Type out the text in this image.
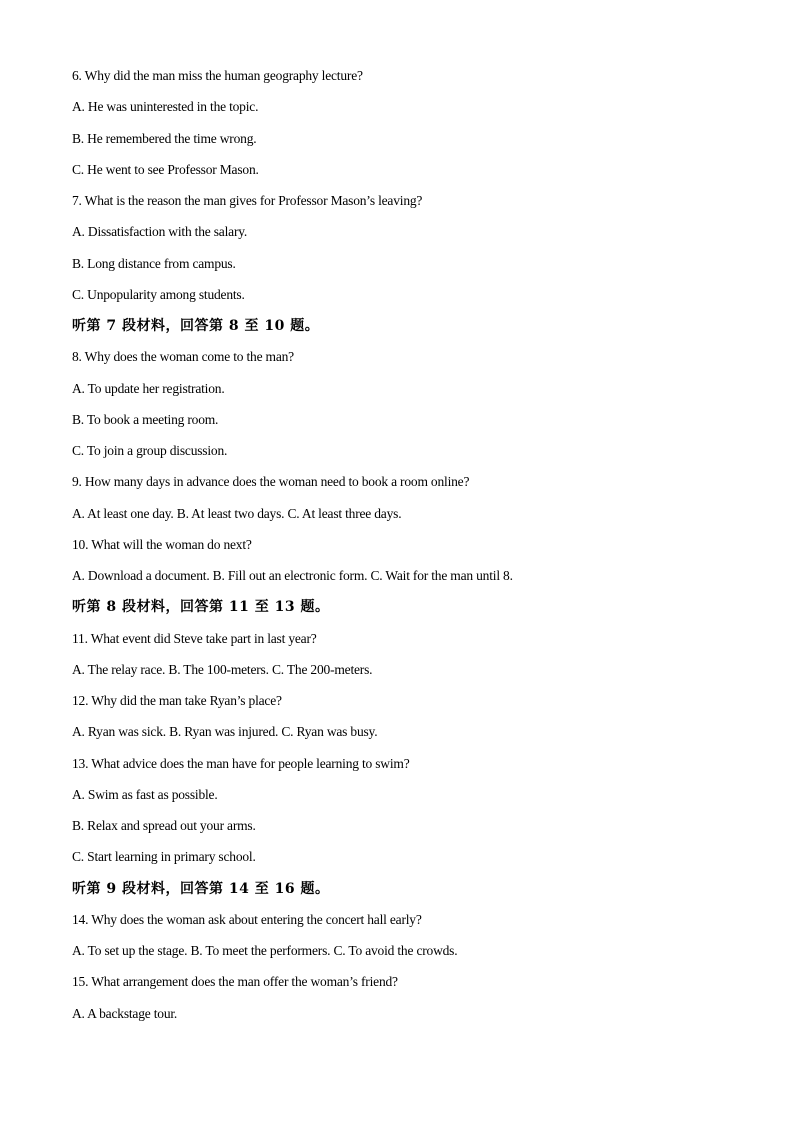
6. Why did the man miss the human geography lecture?
A. He was uninterested in the topic.
B. He remembered the time wrong.
C. He went to see Professor Mason.
7. What is the reason the man gives for Professor Mason’s leaving?
A. Dissatisfaction with the salary.
B. Long distance from campus.
C. Unpopularity among students.
听第 7 段材料，回答第 8 至 10 题。
8. Why does the woman come to the man?
A. To update her registration.
B. To book a meeting room.
C. To join a group discussion.
9. How many days in advance does the woman need to book a room online?
A. At least one day. B. At least two days. C. At least three days.
10. What will the woman do next?
A. Download a document. B. Fill out an electronic form. C. Wait for the man until 8.
听第 8 段材料，回答第 11 至 13 题。
11. What event did Steve take part in last year?
A. The relay race. B. The 100-meters. C. The 200-meters.
12. Why did the man take Ryan’s place?
A. Ryan was sick. B. Ryan was injured. C. Ryan was busy.
13. What advice does the man have for people learning to swim?
A. Swim as fast as possible.
B. Relax and spread out your arms.
C. Start learning in primary school.
听第 9 段材料，回答第 14 至 16 题。
14. Why does the woman ask about entering the concert hall early?
A. To set up the stage. B. To meet the performers. C. To avoid the crowds.
15. What arrangement does the man offer the woman’s friend?
A. A backstage tour.
